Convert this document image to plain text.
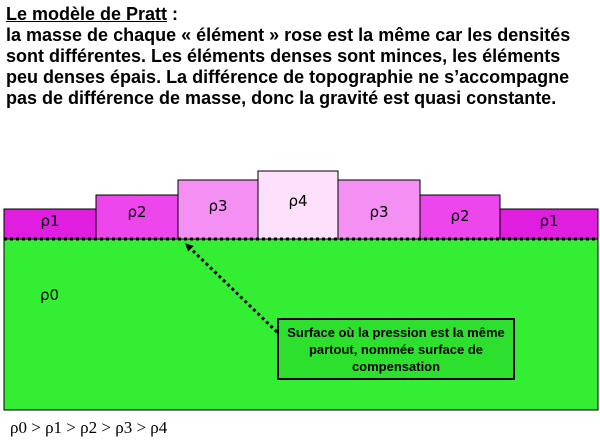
Le modèle de Pratt :
la masse de chaque « élément » rose est la même car les densités sont différentes. Les éléments denses sont minces, les éléments peu denses épais. La différence de topographie ne s’accompagne pas de différence de masse, donc la gravité est quasi constante.
ρ0
ρ1	ρ2	ρ3	ρ4
ρ3	ρ2	ρ1
Surface où la pression est la même partout, nommée surface de compensation
ρ0 > ρ1 > ρ2 > ρ3 > ρ4
